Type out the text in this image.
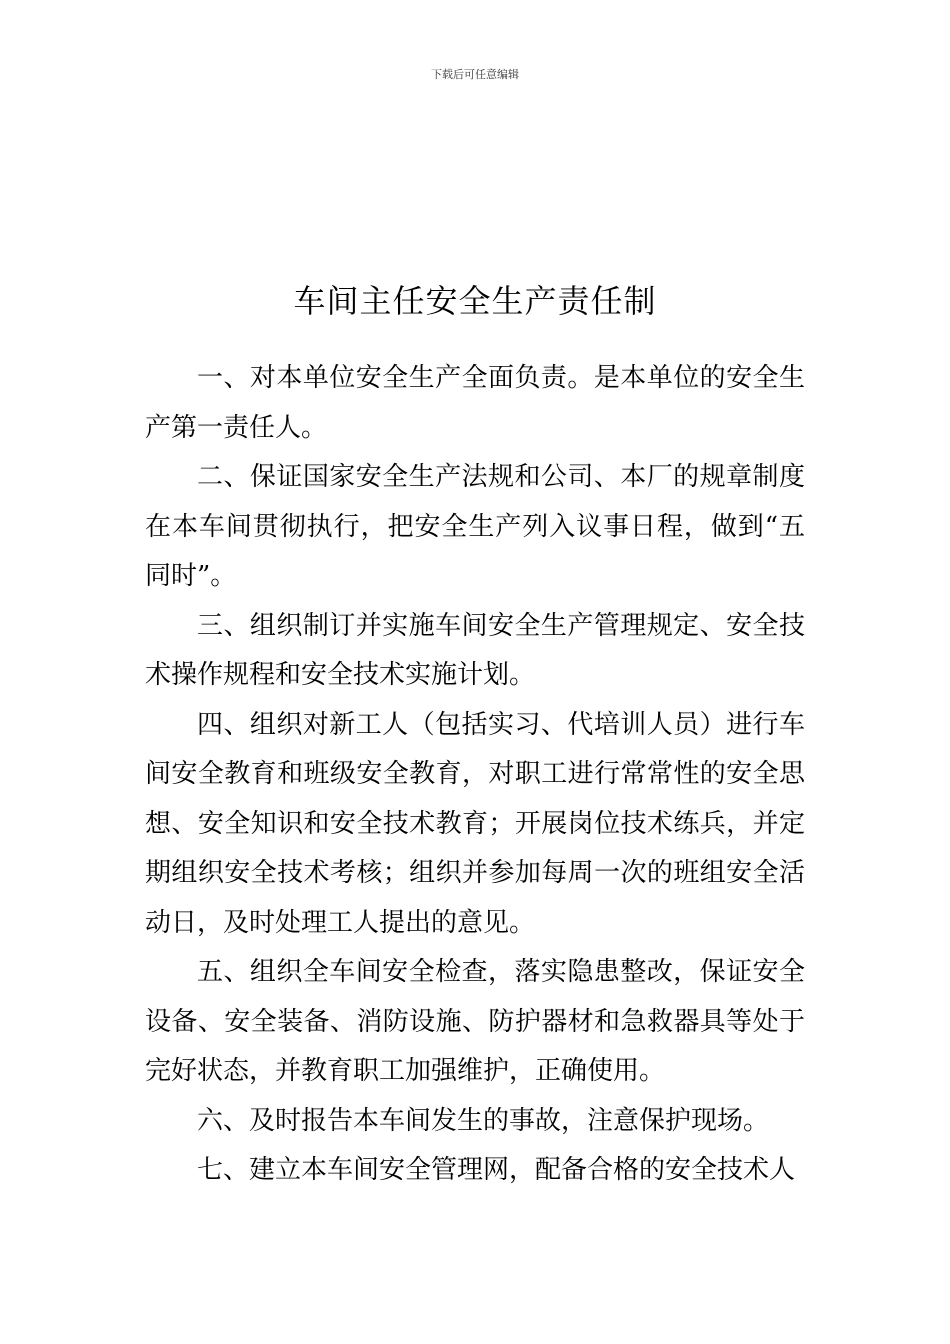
下载后可任意编辑
车间主任安全生产责任制

一、对本单位安全生产全面负责。是本单位的安全生产第一责任人。

二、保证国家安全生产法规和公司、本厂的规章制度在本车间贯彻执行，把安全生产列入议事日程，做到“五同时”。

三、组织制订并实施车间安全生产管理规定、安全技术操作规程和安全技术实施计划。

四、组织对新工人（包括实习、代培训人员）进行车间安全教育和班级安全教育，对职工进行常常性的安全思想、安全知识和安全技术教育；开展岗位技术练兵，并定期组织安全技术考核；组织并参加每周一次的班组安全活动日，及时处理工人提出的意见。

五、组织全车间安全检查，落实隐患整改，保证安全设备、安全装备、消防设施、防护器材和急救器具等处于完好状态，并教育职工加强维护，正确使用。

六、及时报告本车间发生的事故，注意保护现场。

七、建立本车间安全管理网，配备合格的安全技术人
